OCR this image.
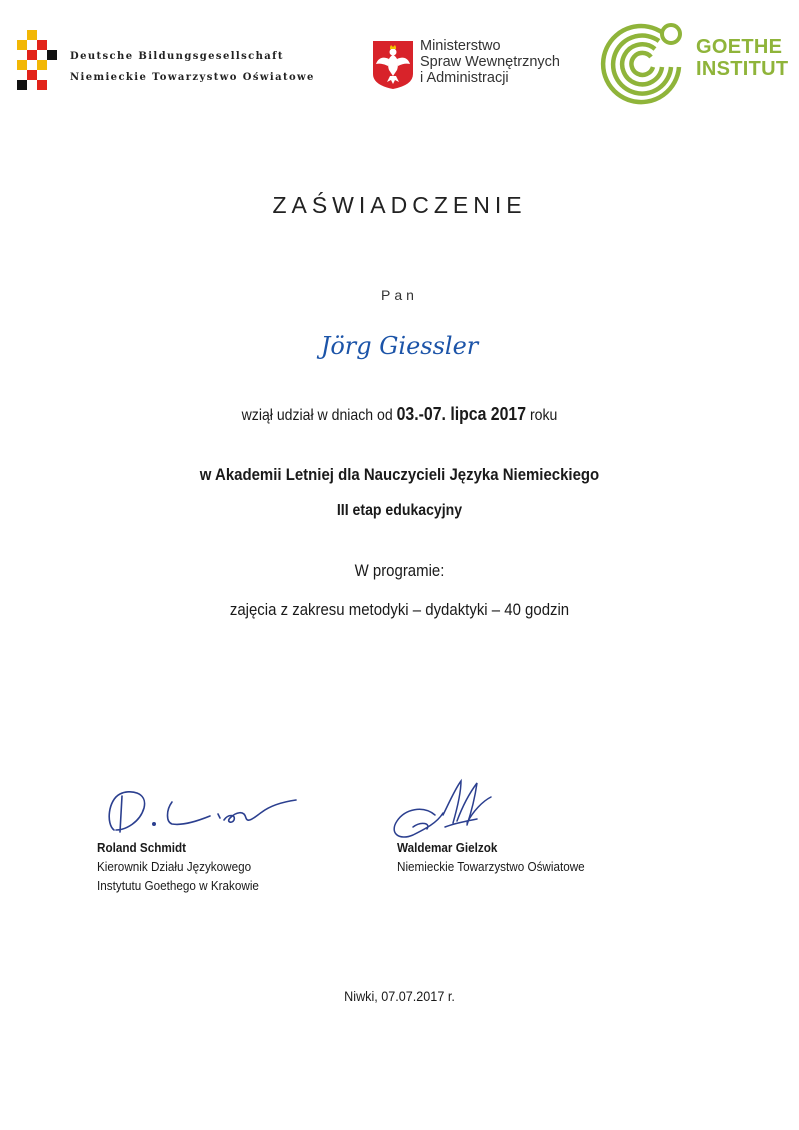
Deutsche Bildungsgesellschaft
Niemieckie Towarzystwo Oświatowe
Ministerstwo
Spraw Wewnętrznych
i Administracji
GOETHE
INSTITUT
ZAŚWIADCZENIE
Pan
Jörg Giessler
wziął udział w dniach od 03.-07. lipca 2017 roku
w Akademii Letniej dla Nauczycieli Języka Niemieckiego
III etap edukacyjny
W programie:
zajęcia z zakresu metodyki – dydaktyki – 40 godzin
Roland Schmidt
Kierownik Działu Językowego
Instytutu Goethego w Krakowie
Waldemar Gielzok
Niemieckie Towarzystwo Oświatowe
Niwki, 07.07.2017 r.
